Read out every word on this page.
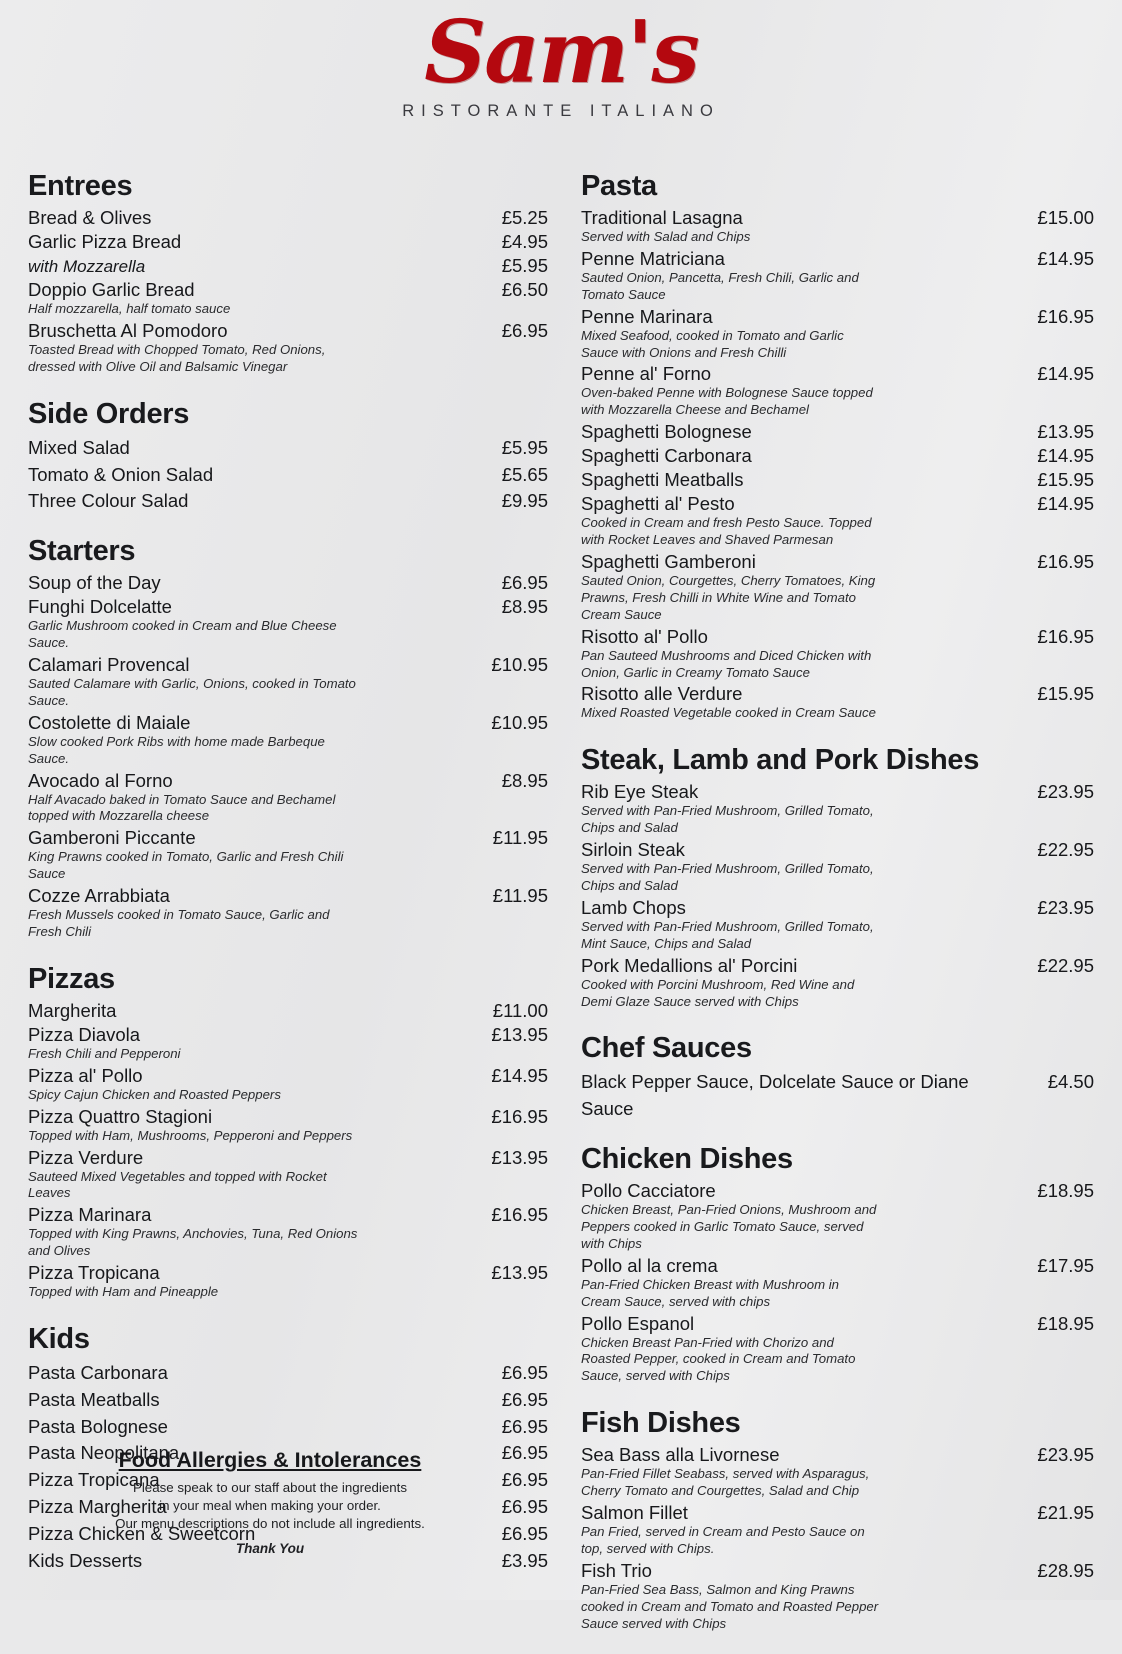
Sam's
RISTORANTE ITALIANO
Entrees
Bread & Olives	£5.25
Garlic Pizza Bread	£4.95
with Mozzarella	£5.95
Doppio Garlic Bread	£6.50
Half mozzarella, half tomato sauce
Bruschetta Al Pomodoro	£6.95
Toasted Bread with Chopped Tomato, Red Onions, dressed with Olive Oil and Balsamic Vinegar
Side Orders
Mixed Salad	£5.95
Tomato & Onion Salad	£5.65
Three Colour Salad	£9.95
Starters
Soup of the Day	£6.95
Funghi Dolcelatte	£8.95
Garlic Mushroom cooked in Cream and Blue Cheese Sauce.
Calamari Provencal	£10.95
Sauted Calamare with Garlic, Onions, cooked in Tomato Sauce.
Costolette di Maiale	£10.95
Slow cooked Pork Ribs with home made Barbeque Sauce.
Avocado al Forno	£8.95
Half Avacado baked in Tomato Sauce and Bechamel topped with Mozzarella cheese
Gamberoni Piccante	£11.95
King Prawns cooked in Tomato, Garlic and Fresh Chili Sauce
Cozze Arrabbiata	£11.95
Fresh Mussels cooked in Tomato Sauce, Garlic and Fresh Chili
Pizzas
Margherita	£11.00
Pizza Diavola	£13.95
Fresh Chili and Pepperoni
Pizza al' Pollo	£14.95
Spicy Cajun Chicken and Roasted Peppers
Pizza Quattro Stagioni	£16.95
Topped with Ham, Mushrooms, Pepperoni and Peppers
Pizza Verdure	£13.95
Sauteed Mixed Vegetables and topped with Rocket Leaves
Pizza Marinara	£16.95
Topped with King Prawns, Anchovies, Tuna, Red Onions and Olives
Pizza Tropicana	£13.95
Topped with Ham and Pineapple
Kids
Pasta Carbonara	£6.95
Pasta Meatballs	£6.95
Pasta Bolognese	£6.95
Pasta Neopolitana	£6.95
Pizza Tropicana	£6.95
Pizza Margherita	£6.95
Pizza Chicken & Sweetcorn	£6.95
Kids Desserts	£3.95
Pasta
Traditional Lasagna	£15.00
Served with Salad and Chips
Penne Matriciana	£14.95
Sauted Onion, Pancetta, Fresh Chili, Garlic and Tomato Sauce
Penne Marinara	£16.95
Mixed Seafood, cooked in Tomato and Garlic Sauce with Onions and Fresh Chilli
Penne al' Forno	£14.95
Oven-baked Penne with Bolognese Sauce topped with Mozzarella Cheese and Bechamel
Spaghetti Bolognese	£13.95
Spaghetti Carbonara	£14.95
Spaghetti Meatballs	£15.95
Spaghetti al' Pesto	£14.95
Cooked in Cream and fresh Pesto Sauce. Topped with Rocket Leaves and Shaved Parmesan
Spaghetti Gamberoni	£16.95
Sauted Onion, Courgettes, Cherry Tomatoes, King Prawns, Fresh Chilli in White Wine and Tomato Cream Sauce
Risotto al' Pollo	£16.95
Pan Sauteed Mushrooms and Diced Chicken with Onion, Garlic in Creamy Tomato Sauce
Risotto alle Verdure	£15.95
Mixed Roasted Vegetable cooked in Cream Sauce
Steak, Lamb and Pork Dishes
Rib Eye Steak	£23.95
Served with Pan-Fried Mushroom, Grilled Tomato, Chips and Salad
Sirloin Steak	£22.95
Served with Pan-Fried Mushroom, Grilled Tomato, Chips and Salad
Lamb Chops	£23.95
Served with Pan-Fried Mushroom, Grilled Tomato, Mint Sauce, Chips and Salad
Pork Medallions al' Porcini	£22.95
Cooked with Porcini Mushroom, Red Wine and Demi Glaze Sauce served with Chips
Chef Sauces
Black Pepper Sauce, Dolcelate Sauce or Diane Sauce
£4.50
Chicken Dishes
Pollo Cacciatore	£18.95
Chicken Breast, Pan-Fried Onions, Mushroom and Peppers cooked in Garlic Tomato Sauce, served with Chips
Pollo al la crema	£17.95
Pan-Fried Chicken Breast with Mushroom in Cream Sauce, served with chips
Pollo Espanol	£18.95
Chicken Breast Pan-Fried with Chorizo and Roasted Pepper, cooked in Cream and Tomato Sauce, served with Chips
Fish Dishes
Sea Bass alla Livornese	£23.95
Pan-Fried Fillet Seabass, served with Asparagus, Cherry Tomato and Courgettes, Salad and Chip
Salmon Fillet	£21.95
Pan Fried, served in Cream and Pesto Sauce on top, served with Chips.
Fish Trio	£28.95
Pan-Fried Sea Bass, Salmon and King Prawns cooked in Cream and Tomato and Roasted Pepper Sauce served with Chips
Food Allergies & Intolerances

Please speak to our staff about the ingredients

in your meal when making your order.

Our menu descriptions do not include all ingredients.

Thank You
